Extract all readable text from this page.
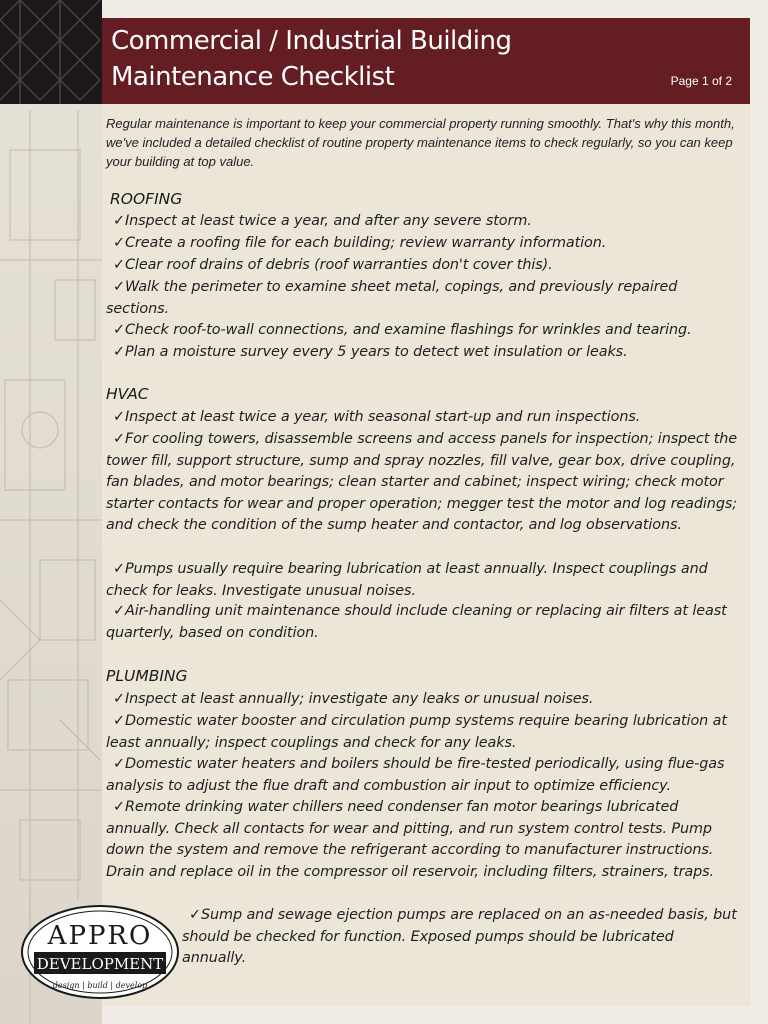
Commercial / Industrial Building
Maintenance Checklist	Page 1 of 2

Regular maintenance is important to keep your commercial property running smoothly. That's why this month, we've included a detailed checklist of routine property maintenance items to check regularly, so you can keep your building at top value.

ROOFING

✓Inspect at least twice a year, and after any severe storm.

✓Create a roofing file for each building; review warranty information.

✓Clear roof drains of debris (roof warranties don't cover this).

✓Walk the perimeter to examine sheet metal, copings, and previously repaired sections.

✓Check roof-to-wall connections, and examine flashings for wrinkles and tearing.

✓Plan a moisture survey every 5 years to detect wet insulation or leaks.

HVAC

✓Inspect at least twice a year, with seasonal start-up and run inspections.

✓For cooling towers, disassemble screens and access panels for inspection; inspect the tower fill, support structure, sump and spray nozzles, fill valve, gear box, drive coupling, fan blades, and motor bearings; clean starter and cabinet; inspect wiring; check motor starter contacts for wear and proper operation; megger test the motor and log readings; and check the condition of the sump heater and contactor, and log observations.

✓Pumps usually require bearing lubrication at least annually. Inspect couplings and check for leaks. Investigate unusual noises.

✓Air-handling unit maintenance should include cleaning or replacing air filters at least quarterly, based on condition.

PLUMBING

✓Inspect at least annually; investigate any leaks or unusual noises.

✓Domestic water booster and circulation pump systems require bearing lubrication at least annually; inspect couplings and check for any leaks.

✓Domestic water heaters and boilers should be fire-tested periodically, using flue-gas analysis to adjust the flue draft and combustion air input to optimize efficiency.

✓Remote drinking water chillers need condenser fan motor bearings lubricated annually. Check all contacts for wear and pitting, and run system control tests. Pump down the system and remove the refrigerant according to manufacturer instructions. Drain and replace oil in the compressor oil reservoir, including filters, strainers, traps.

✓Sump and sewage ejection pumps are replaced on an as-needed basis, but should be checked for function. Exposed pumps should be lubricated annually.

APPRO
DEVELOPMENT
design | build | develop
